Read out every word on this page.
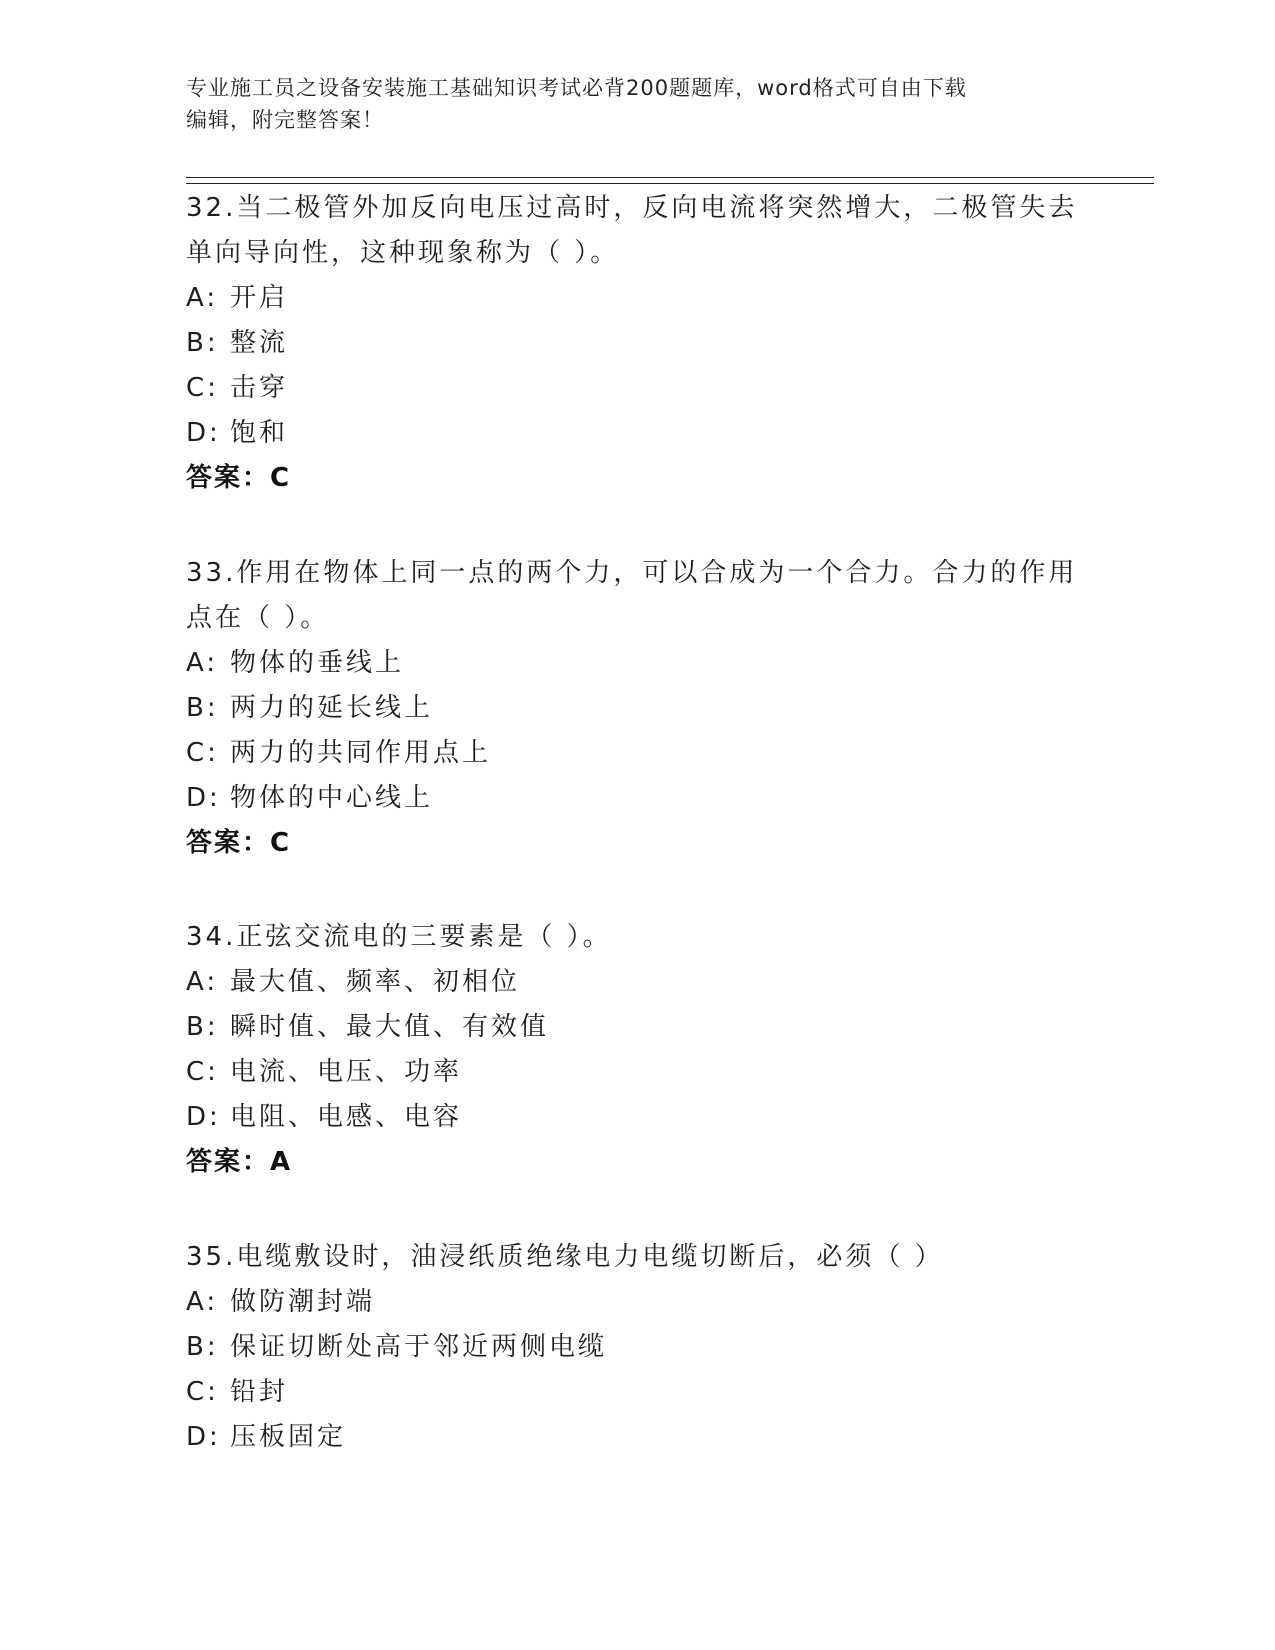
专业施工员之设备安装施工基础知识考试必背200题题库，word格式可自由下载
编辑，附完整答案！
32.当二极管外加反向电压过高时，反向电流将突然增大，二极管失去
单向导向性，这种现象称为（ ）。
A: 开启
B: 整流
C: 击穿
D: 饱和
答案：C
33.作用在物体上同一点的两个力，可以合成为一个合力。合力的作用
点在（ ）。
A: 物体的垂线上
B: 两力的延长线上
C: 两力的共同作用点上
D: 物体的中心线上
答案：C
34.正弦交流电的三要素是（ ）。
A: 最大值、频率、初相位
B: 瞬时值、最大值、有效值
C: 电流、电压、功率
D: 电阻、电感、电容
答案：A
35.电缆敷设时，油浸纸质绝缘电力电缆切断后，必须（ ）
A: 做防潮封端
B: 保证切断处高于邻近两侧电缆
C: 铅封
D: 压板固定
